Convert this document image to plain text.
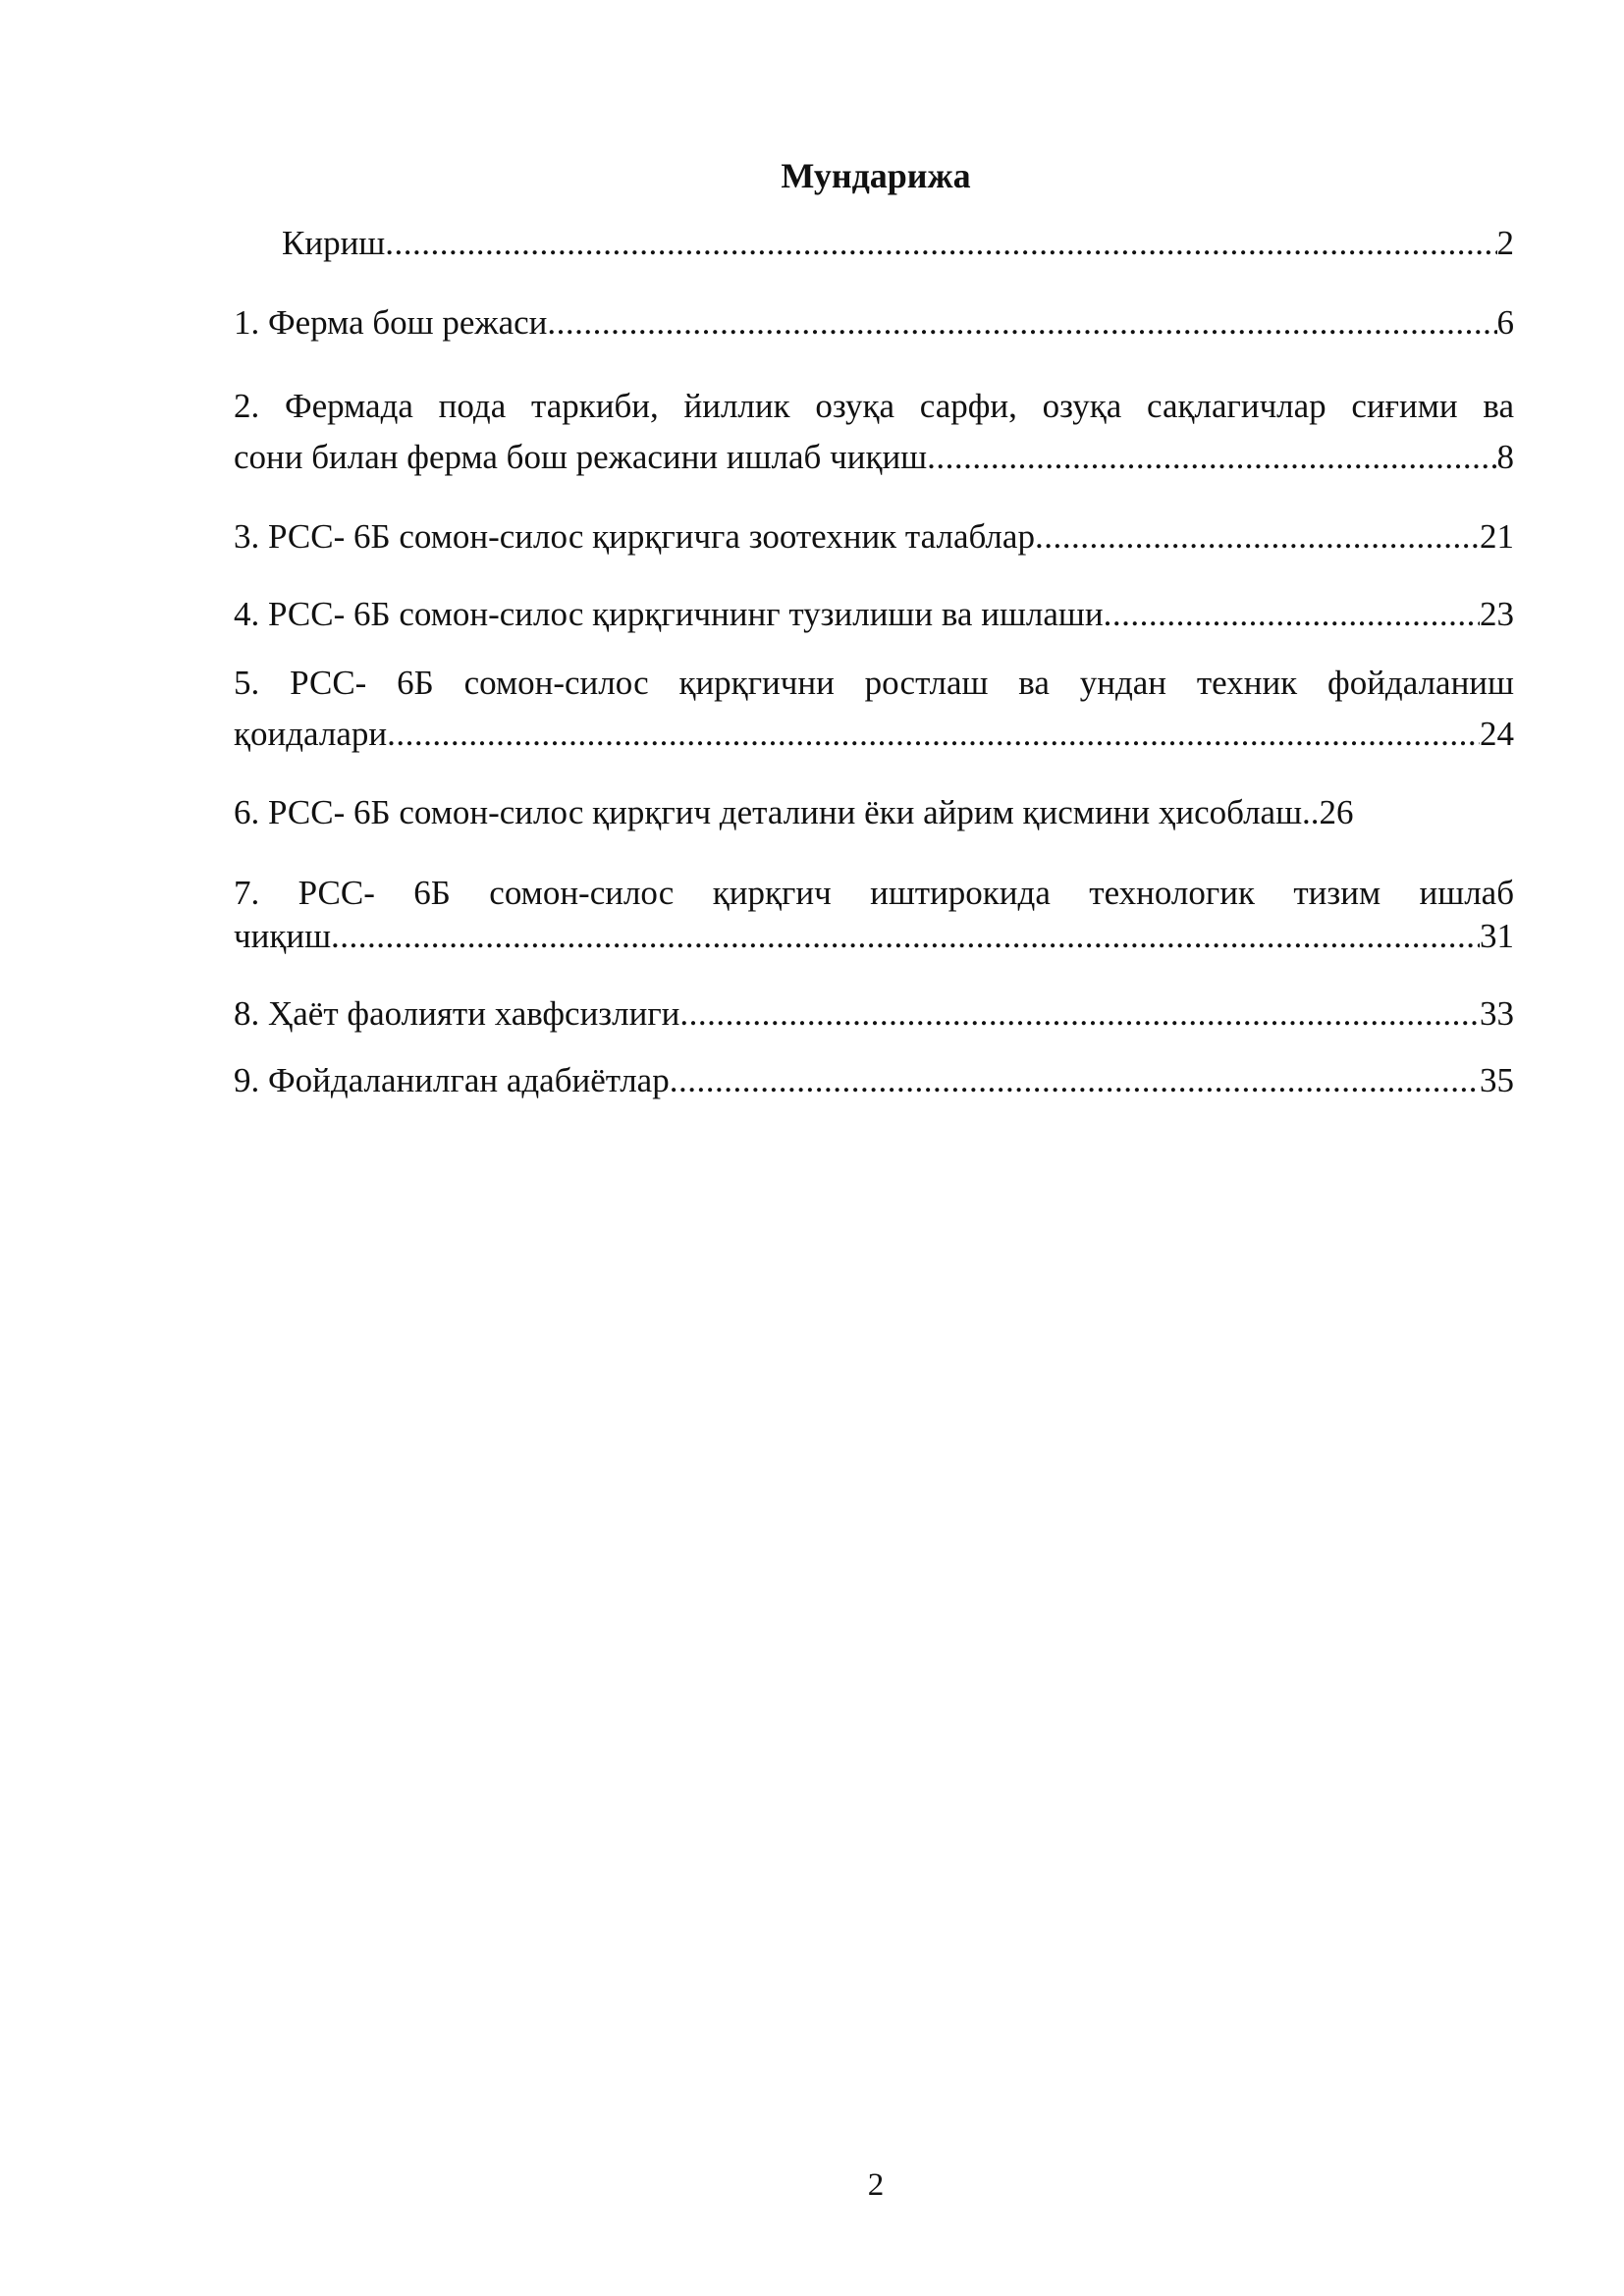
Мундарижа
Кириш .....	2
1. Ферма бош режаси .....	6
2. Фермада пода таркиби, йиллик озуқа сарфи, озуқа сақлагичлар сиғими ва
сони билан ферма бош режасини ишлаб чиқиш .....	8
3. РСС- 6Б сомон-силос қирқгичга зоотехник талаблар .....	21
4. РСС- 6Б сомон-силос қирқгичнинг тузилиши ва ишлаши .....	23
5. РСС- 6Б сомон-силос қирқгични ростлаш ва ундан техник фойдаланиш
қоидалари .....	24
6. РСС- 6Б сомон-силос қирқгич деталини ёки айрим қисмини ҳисоблаш..26
7. РСС- 6Б сомон-силос қирқгич иштирокида технологик тизим ишлаб
чиқиш .....	31
8. Ҳаёт фаолияти хавфсизлиги .....	33
9. Фойдаланилган адабиётлар .....	35
2
